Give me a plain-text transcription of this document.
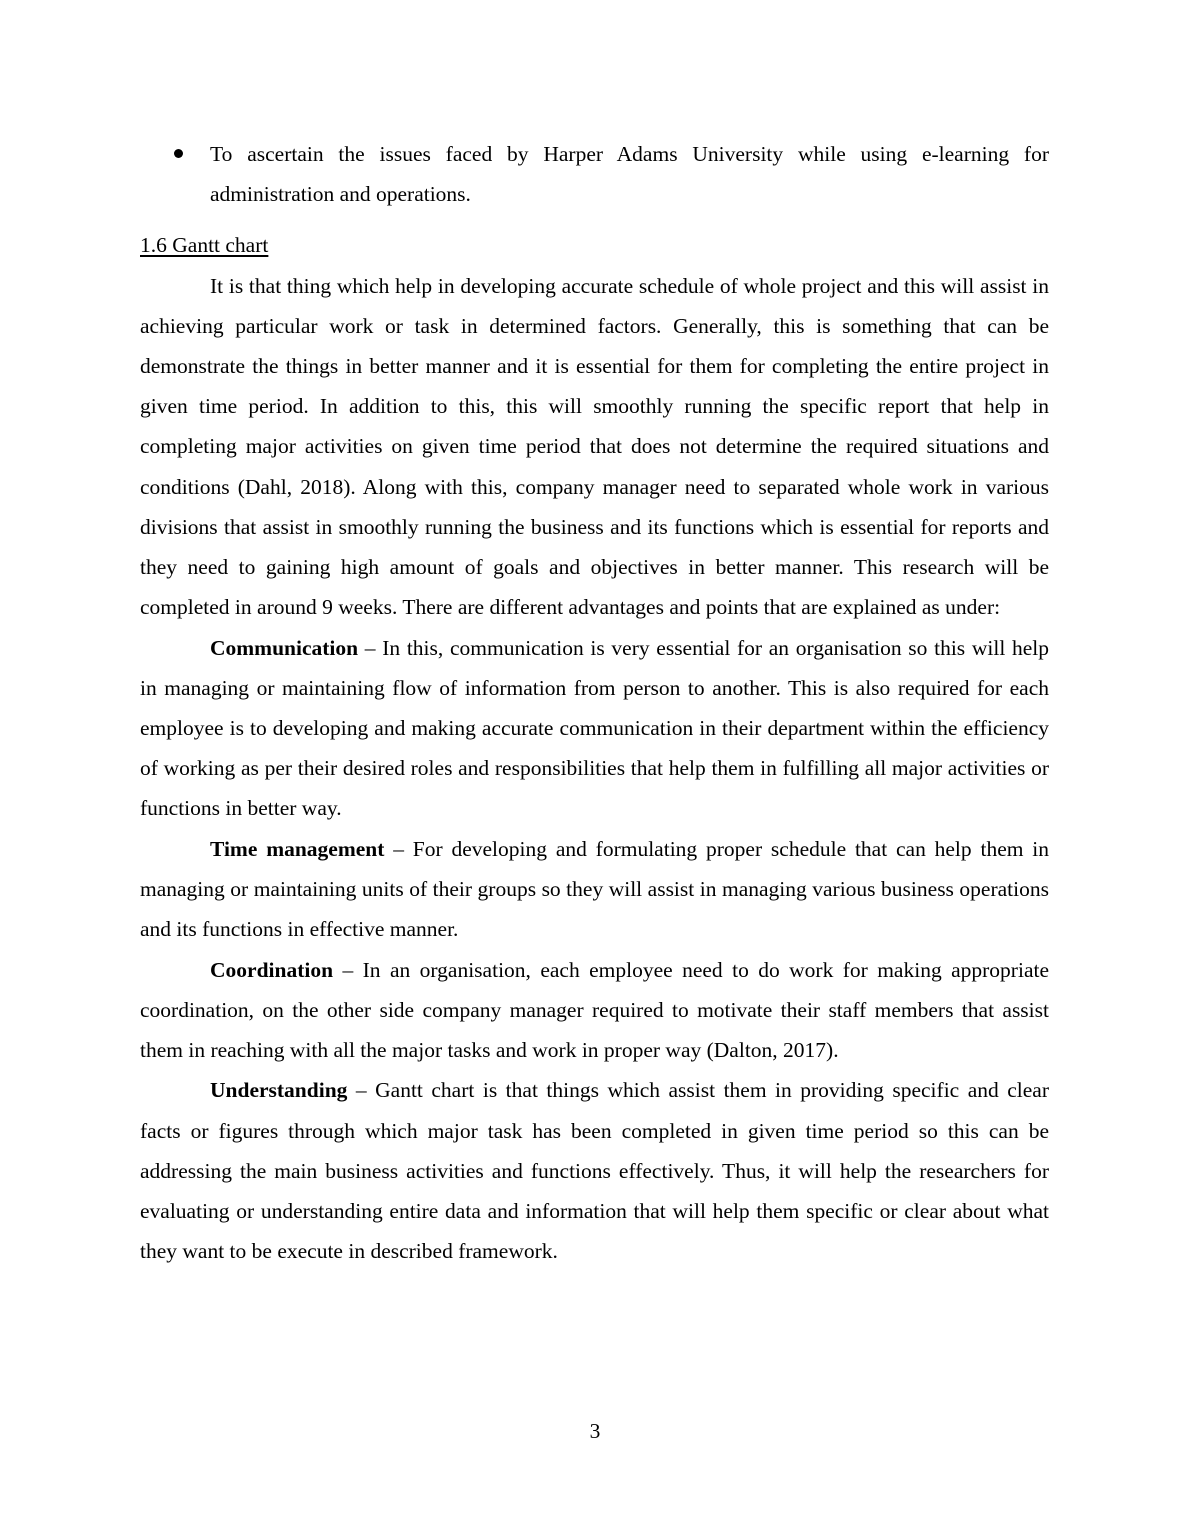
To ascertain the issues faced by Harper Adams University while using e-learning for administration and operations.

1.6 Gantt chart

It is that thing which help in developing accurate schedule of whole project and this will assist in achieving particular work or task in determined factors. Generally, this is something that can be demonstrate the things in better manner and it is essential for them for completing the entire project in given time period. In addition to this, this will smoothly running the specific report that help in completing major activities on given time period that does not determine the required situations and conditions (Dahl, 2018). Along with this, company manager need to separated whole work in various divisions that assist in smoothly running the business and its functions which is essential for reports and they need to gaining high amount of goals and objectives in better manner. This research will be completed in around 9 weeks. There are different advantages and points that are explained as under:

Communication – In this, communication is very essential for an organisation so this will help in managing or maintaining flow of information from person to another. This is also required for each employee is to developing and making accurate communication in their department within the efficiency of working as per their desired roles and responsibilities that help them in fulfilling all major activities or functions in better way.

Time management – For developing and formulating proper schedule that can help them in managing or maintaining units of their groups so they will assist in managing various business operations and its functions in effective manner.

Coordination – In an organisation, each employee need to do work for making appropriate coordination, on the other side company manager required to motivate their staff members that assist them in reaching with all the major tasks and work in proper way (Dalton, 2017).

Understanding – Gantt chart is that things which assist them in providing specific and clear facts or figures through which major task has been completed in given time period so this can be addressing the main business activities and functions effectively. Thus, it will help the researchers for evaluating or understanding entire data and information that will help them specific or clear about what they want to be execute in described framework.

3
